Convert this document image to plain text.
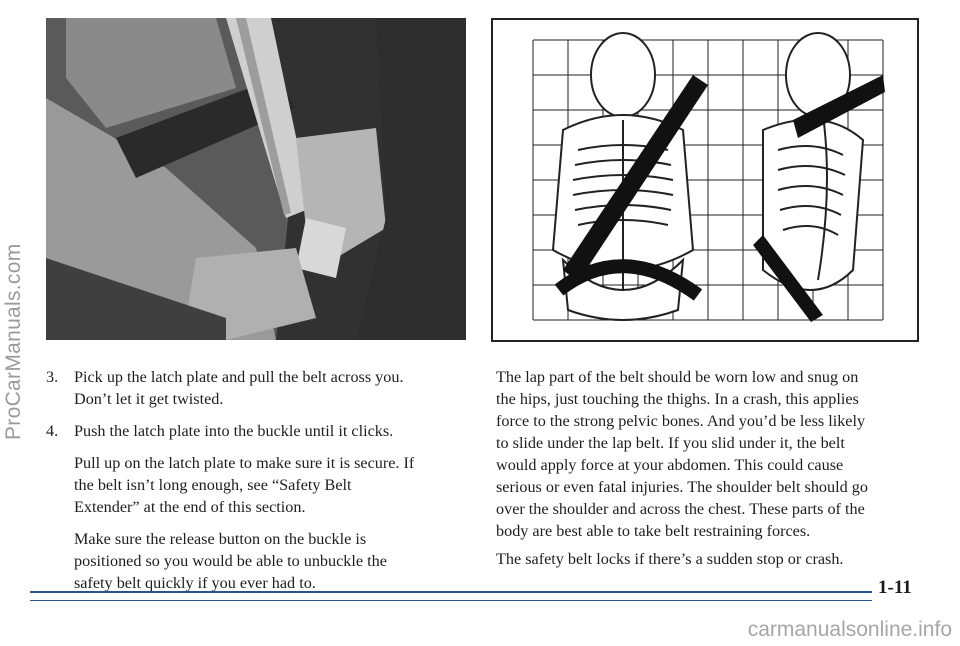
ProCarManuals.com 3. Pick up the latch plate and pull the belt across you.
Don’t let it get twisted.
4. Push the latch plate into the buckle until it clicks.
Pull up on the latch plate to make sure it is secure. If
the belt isn’t long enough, see “Safety Belt
Extender” at the end of this section.
Make sure the release button on the buckle is
positioned so you would be able to unbuckle the
safety belt quickly if you ever had to.
The lap part of the belt should be worn low and snug on
the hips, just touching the thighs. In a crash, this applies
force to the strong pelvic bones. And you’d be less likely
to slide under the lap belt. If you slid under it, the belt
would apply force at your abdomen. This could cause
serious or even fatal injuries. The shoulder belt should go
over the shoulder and across the chest. These parts of the
body are best able to take belt restraining forces.
The safety belt locks if there’s a sudden stop or crash.
1-11
carmanualsonline.info
